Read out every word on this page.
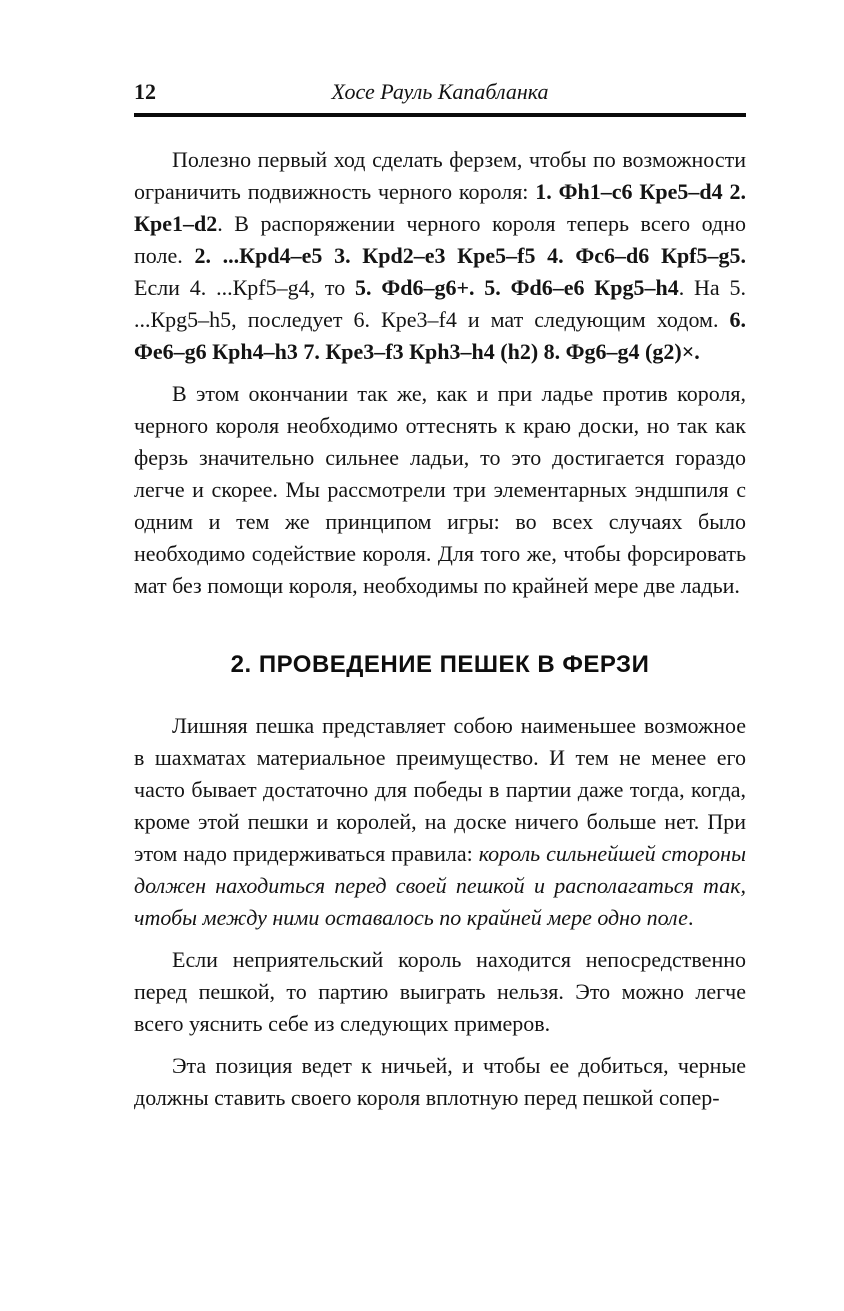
12	Хосе Рауль Капабланка

Полезно первый ход сделать ферзем, чтобы по возможности ограничить подвижность черного короля: 1. Фh1–c6 Кре5–d4 2. Кре1–d2. В распоряжении черного короля теперь всего одно поле. 2. ...Крd4–e5 3. Крd2–e3 Кре5–f5 4. Фc6–d6 Крf5–g5. Если 4. ...Крf5–g4, то 5. Фd6–g6+. 5. Фd6–e6 Крg5–h4. На 5. ...Крg5–h5, последует 6. Кре3–f4 и мат следующим ходом. 6. Фе6–g6 Крh4–h3 7. Кре3–f3 Крh3–h4 (h2) 8. Фg6–g4 (g2)×.

В этом окончании так же, как и при ладье против короля, черного короля необходимо оттеснять к краю доски, но так как ферзь значительно сильнее ладьи, то это достигается гораздо легче и скорее. Мы рассмотрели три элементарных эндшпиля с одним и тем же принципом игры: во всех случаях было необходимо содействие короля. Для того же, чтобы форсировать мат без помощи короля, необходимы по крайней мере две ладьи.

2. ПРОВЕДЕНИЕ ПЕШЕК В ФЕРЗИ

Лишняя пешка представляет собою наименьшее возможное в шахматах материальное преимущество. И тем не менее его часто бывает достаточно для победы в партии даже тогда, когда, кроме этой пешки и королей, на доске ничего больше нет. При этом надо придерживаться правила: король сильнейшей стороны должен находиться перед своей пешкой и располагаться так, чтобы между ними оставалось по крайней мере одно поле.

Если неприятельский король находится непосредственно перед пешкой, то партию выиграть нельзя. Это можно легче всего уяснить себе из следующих примеров.

Эта позиция ведет к ничьей, и чтобы ее добиться, черные должны ставить своего короля вплотную перед пешкой сопер-
